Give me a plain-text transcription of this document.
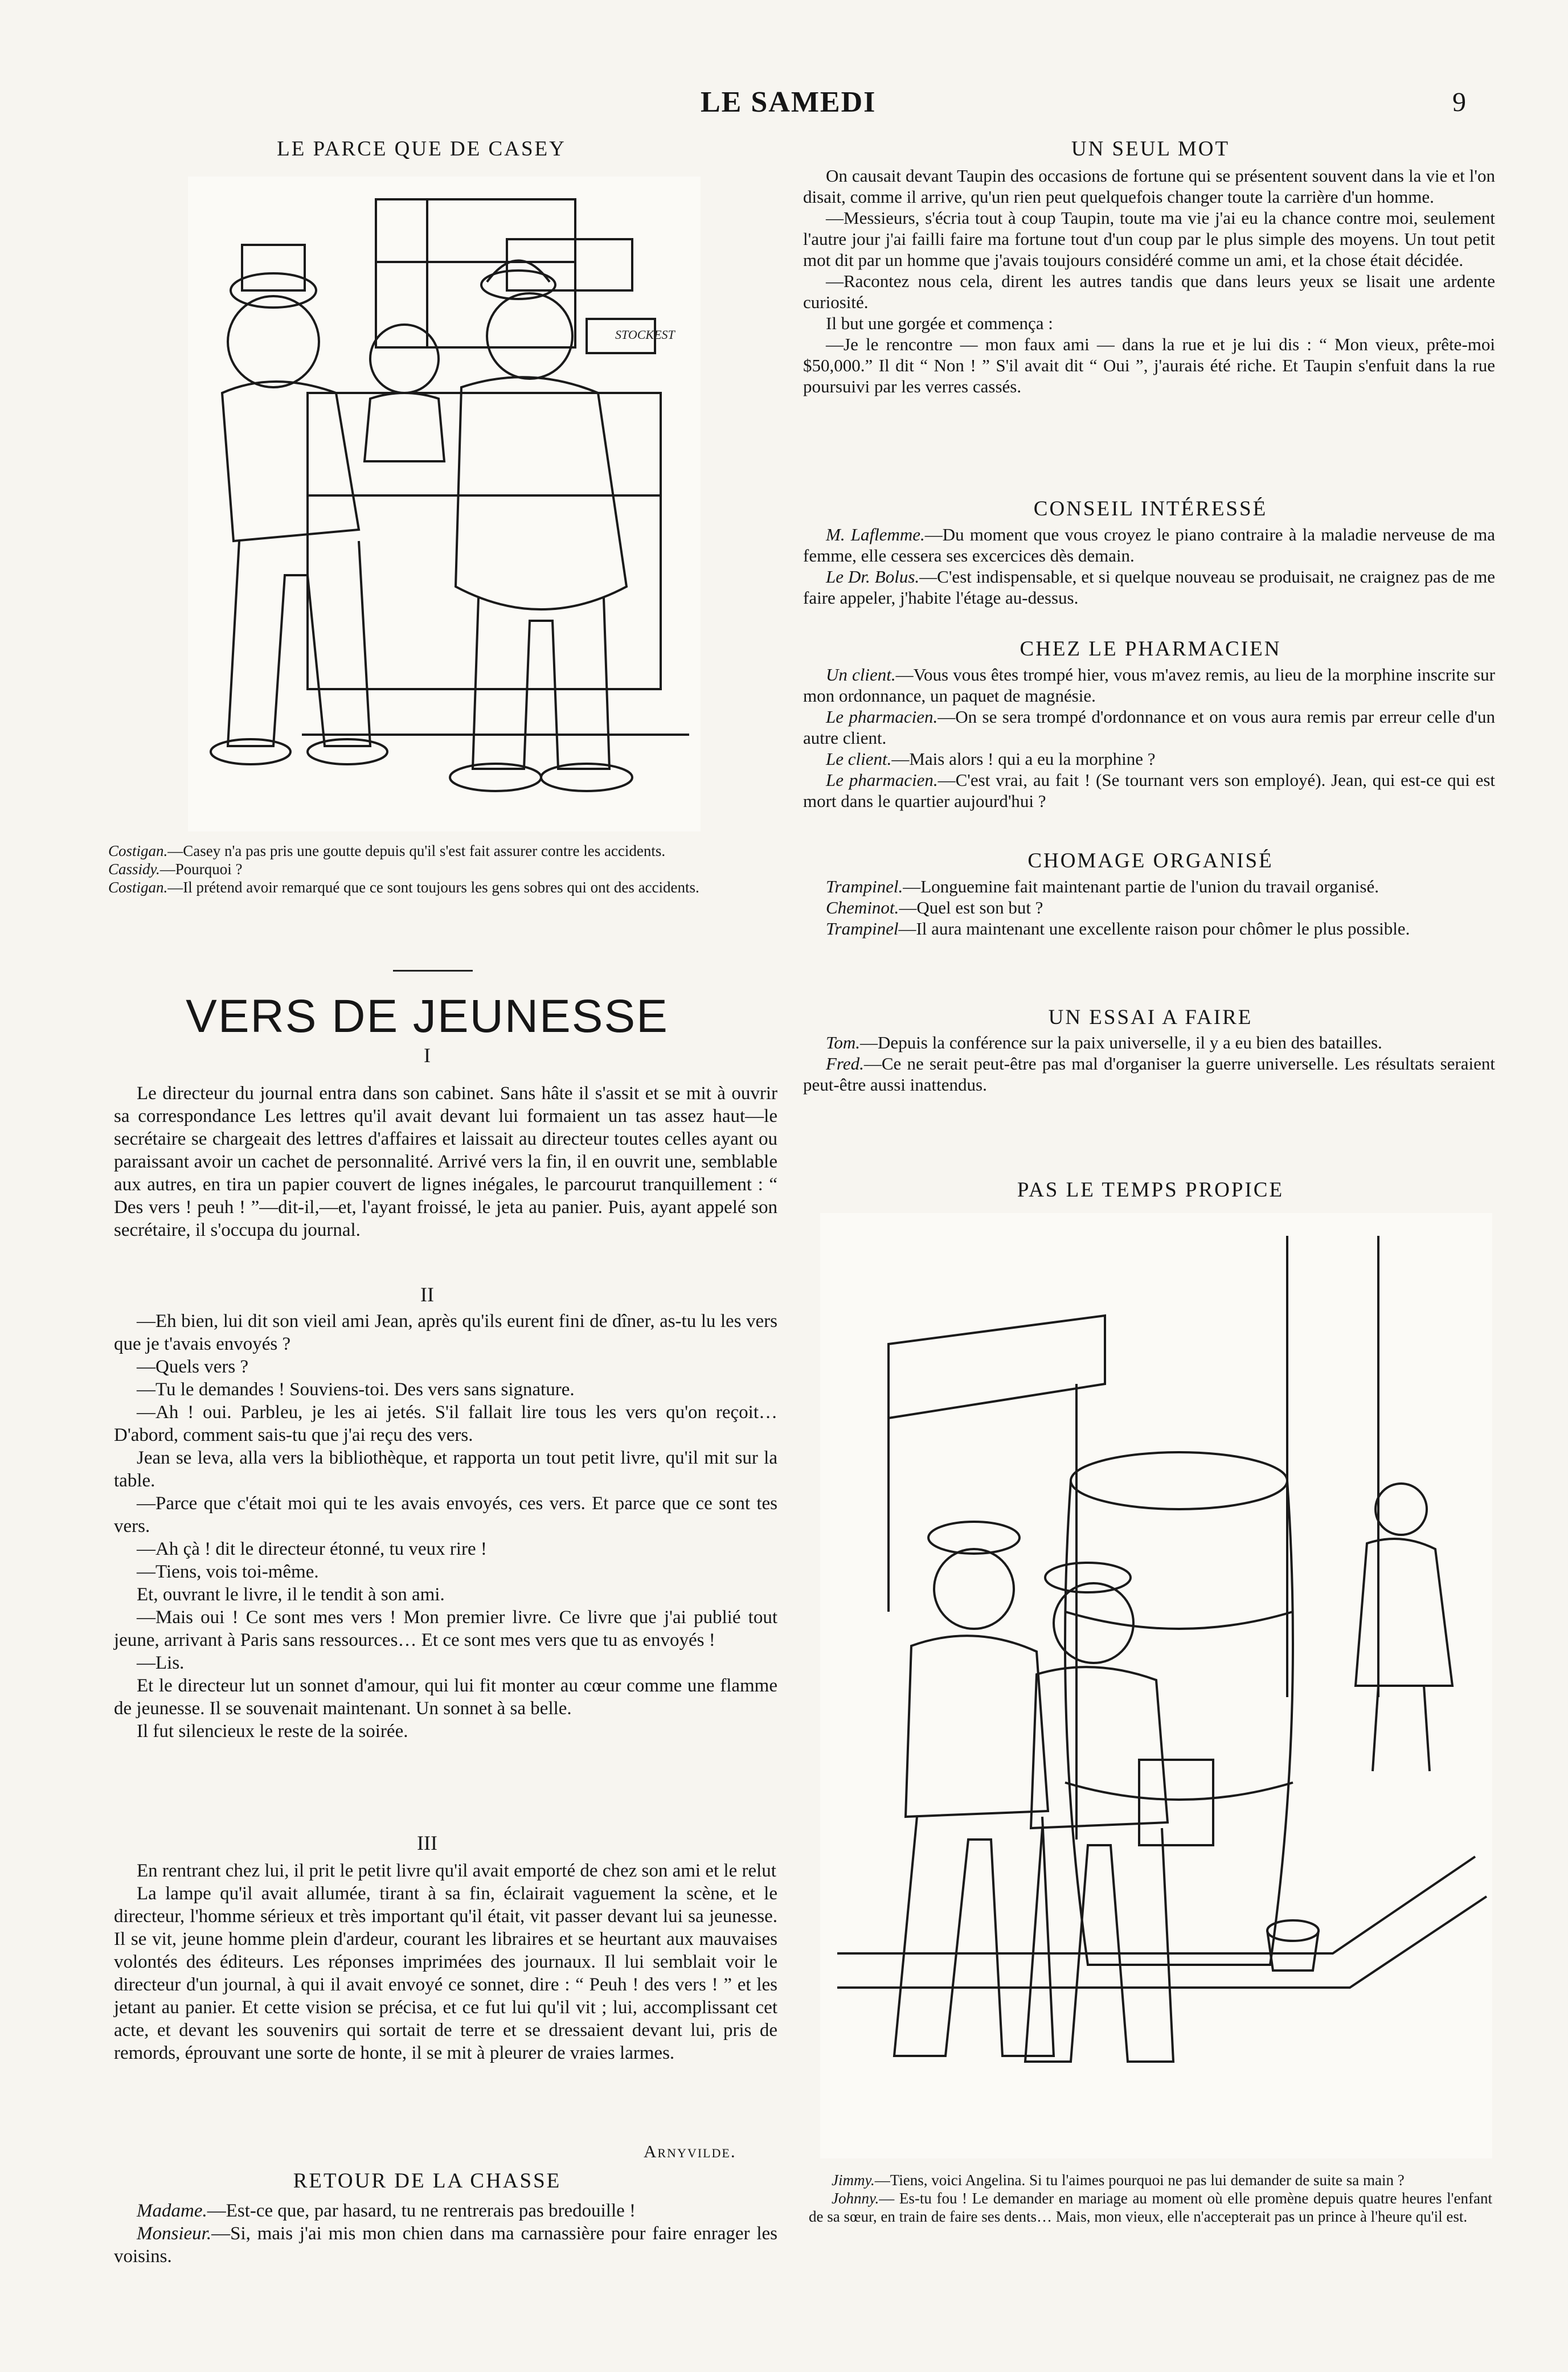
LE SAMEDI	9
LE PARCE QUE DE CASEY
STOCKEST

Costigan.—Casey n'a pas pris une goutte depuis qu'il s'est fait assurer contre les accidents.

Cassidy.—Pourquoi ?

Costigan.—Il prétend avoir remarqué que ce sont toujours les gens sobres qui ont des accidents.

VERS DE JEUNESSE
I

Le directeur du journal entra dans son cabinet. Sans hâte il s'assit et se mit à ouvrir sa correspondance Les lettres qu'il avait devant lui formaient un tas assez haut—le secrétaire se chargeait des lettres d'affaires et laissait au directeur toutes celles ayant ou paraissant avoir un cachet de personnalité. Arrivé vers la fin, il en ouvrit une, semblable aux autres, en tira un papier couvert de lignes inégales, le parcourut tranquillement : “ Des vers ! peuh ! ”—dit-il,—et, l'ayant froissé, le jeta au panier. Puis, ayant appelé son secrétaire, il s'occupa du journal.

II

—Eh bien, lui dit son vieil ami Jean, après qu'ils eurent fini de dîner, as-tu lu les vers que je t'avais envoyés ?

—Quels vers ?

—Tu le demandes ! Souviens-toi. Des vers sans signature.

—Ah ! oui. Parbleu, je les ai jetés. S'il fallait lire tous les vers qu'on reçoit… D'abord, comment sais-tu que j'ai reçu des vers.

Jean se leva, alla vers la bibliothèque, et rapporta un tout petit livre, qu'il mit sur la table.

—Parce que c'était moi qui te les avais envoyés, ces vers. Et parce que ce sont tes vers.

—Ah çà ! dit le directeur étonné, tu veux rire !

—Tiens, vois toi-même.

Et, ouvrant le livre, il le tendit à son ami.

—Mais oui ! Ce sont mes vers ! Mon premier livre. Ce livre que j'ai publié tout jeune, arrivant à Paris sans ressources… Et ce sont mes vers que tu as envoyés !

—Lis.

Et le directeur lut un sonnet d'amour, qui lui fit monter au cœur comme une flamme de jeunesse. Il se souvenait maintenant. Un sonnet à sa belle.

Il fut silencieux le reste de la soirée.

III

En rentrant chez lui, il prit le petit livre qu'il avait emporté de chez son ami et le relut

La lampe qu'il avait allumée, tirant à sa fin, éclairait vaguement la scène, et le directeur, l'homme sérieux et très important qu'il était, vit passer devant lui sa jeunesse. Il se vit, jeune homme plein d'ardeur, courant les libraires et se heurtant aux mauvaises volontés des éditeurs. Les réponses imprimées des journaux. Il lui semblait voir le directeur d'un journal, à qui il avait envoyé ce sonnet, dire : “ Peuh ! des vers ! ” et les jetant au panier. Et cette vision se précisa, et ce fut lui qu'il vit ; lui, accomplissant cet acte, et devant les souvenirs qui sortait de terre et se dressaient devant lui, pris de remords, éprouvant une sorte de honte, il se mit à pleurer de vraies larmes.

Arnyvilde.
RETOUR DE LA CHASSE

Madame.—Est-ce que, par hasard, tu ne rentrerais pas bredouille !

Monsieur.—Si, mais j'ai mis mon chien dans ma carnassière pour faire enrager les voisins.

UN SEUL MOT

On causait devant Taupin des occasions de fortune qui se présentent souvent dans la vie et l'on disait, comme il arrive, qu'un rien peut quelquefois changer toute la carrière d'un homme.

—Messieurs, s'écria tout à coup Taupin, toute ma vie j'ai eu la chance contre moi, seulement l'autre jour j'ai failli faire ma fortune tout d'un coup par le plus simple des moyens. Un tout petit mot dit par un homme que j'avais toujours considéré comme un ami, et la chose était décidée.

—Racontez nous cela, dirent les autres tandis que dans leurs yeux se lisait une ardente curiosité.

Il but une gorgée et commença :

—Je le rencontre — mon faux ami — dans la rue et je lui dis : “ Mon vieux, prête-moi $50,000.” Il dit “ Non ! ” S'il avait dit “ Oui ”, j'aurais été riche. Et Taupin s'enfuit dans la rue poursuivi par les verres cassés.

CONSEIL INTÉRESSÉ

M. Laflemme.—Du moment que vous croyez le piano contraire à la maladie nerveuse de ma femme, elle cessera ses excercices dès demain.

Le Dr. Bolus.—C'est indispensable, et si quelque nouveau se produisait, ne craignez pas de me faire appeler, j'habite l'étage au-dessus.

CHEZ LE PHARMACIEN

Un client.—Vous vous êtes trompé hier, vous m'avez remis, au lieu de la morphine inscrite sur mon ordonnance, un paquet de magnésie.

Le pharmacien.—On se sera trompé d'ordonnance et on vous aura remis par erreur celle d'un autre client.

Le client.—Mais alors ! qui a eu la morphine ?

Le pharmacien.—C'est vrai, au fait ! (Se tournant vers son employé). Jean, qui est-ce qui est mort dans le quartier aujourd'hui ?

CHOMAGE ORGANISÉ

Trampinel.—Longuemine fait maintenant partie de l'union du travail organisé.

Cheminot.—Quel est son but ?

Trampinel—Il aura maintenant une excellente raison pour chômer le plus possible.

UN ESSAI A FAIRE

Tom.—Depuis la conférence sur la paix universelle, il y a eu bien des batailles.

Fred.—Ce ne serait peut-être pas mal d'organiser la guerre universelle. Les résultats seraient peut-être aussi inattendus.

PAS LE TEMPS PROPICE

Jimmy.—Tiens, voici Angelina. Si tu l'aimes pourquoi ne pas lui demander de suite sa main ?

Johnny.— Es-tu fou ! Le demander en mariage au moment où elle promène depuis quatre heures l'enfant de sa sœur, en train de faire ses dents… Mais, mon vieux, elle n'accepterait pas un prince à l'heure qu'il est.
